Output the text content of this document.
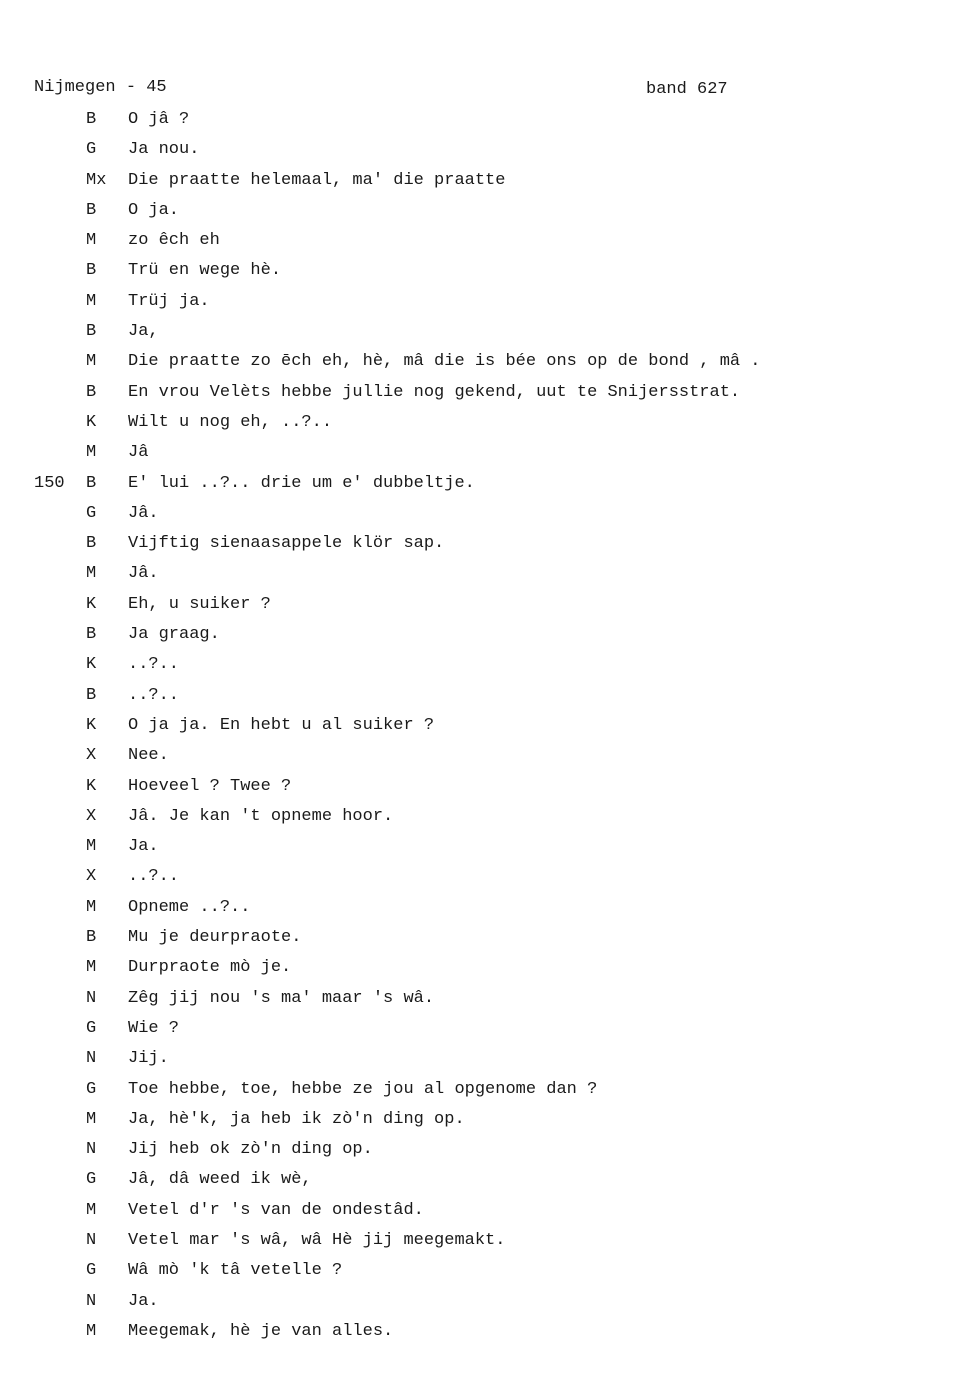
Nijmegen - 45	band 627
B	O jâ ?
G	Ja nou.
Mx Die praatte helemaal, ma' die praatte
B	O ja.
M	zo êch eh
B	Trü en wege hè.
M	Trüj ja.
B	Ja,
M	Die praatte zo ēch eh, hè, mâ die is bée ons op de bond , mâ .
B	En vrou Velèts hebbe jullie nog gekend, uut te Snijersstrat.
K	Wilt u nog eh, ..?..
M	Jâ
150 B	E' lui ..?.. drie um e' dubbeltje.
G	Jâ.
B	Vijftig sienaasappele klör sap.
M	Jâ.
K	Eh, u suiker ?
B	Ja graag.
K	..?..
B	..?..
K	O ja ja. En hebt u al suiker ?
X	Nee.
K	Hoeveel ? Twee ?
X	Jâ. Je kan 't opneme hoor.
M	Ja.
X	..?..
M	Opneme ..?..
B	Mu je deurpraote.
M	Durpraote mò je.
N	Zêg jij nou 's ma' maar 's wâ.
G	Wie ?
N	Jij.
G	Toe hebbe, toe, hebbe ze jou al opgenome dan ?
M	Ja, hè'k, ja heb ik zò'n ding op.
N	Jij heb ok zò'n ding op.
G	Jâ, dâ weed ik wè,
M	Vetel d'r 's van de ondestâd.
N	Vetel mar 's wâ, wâ Hè jij meegemakt.
G	Wâ mò 'k tâ vetelle ?
N	Ja.
M	Meegemak, hè je van alles.
